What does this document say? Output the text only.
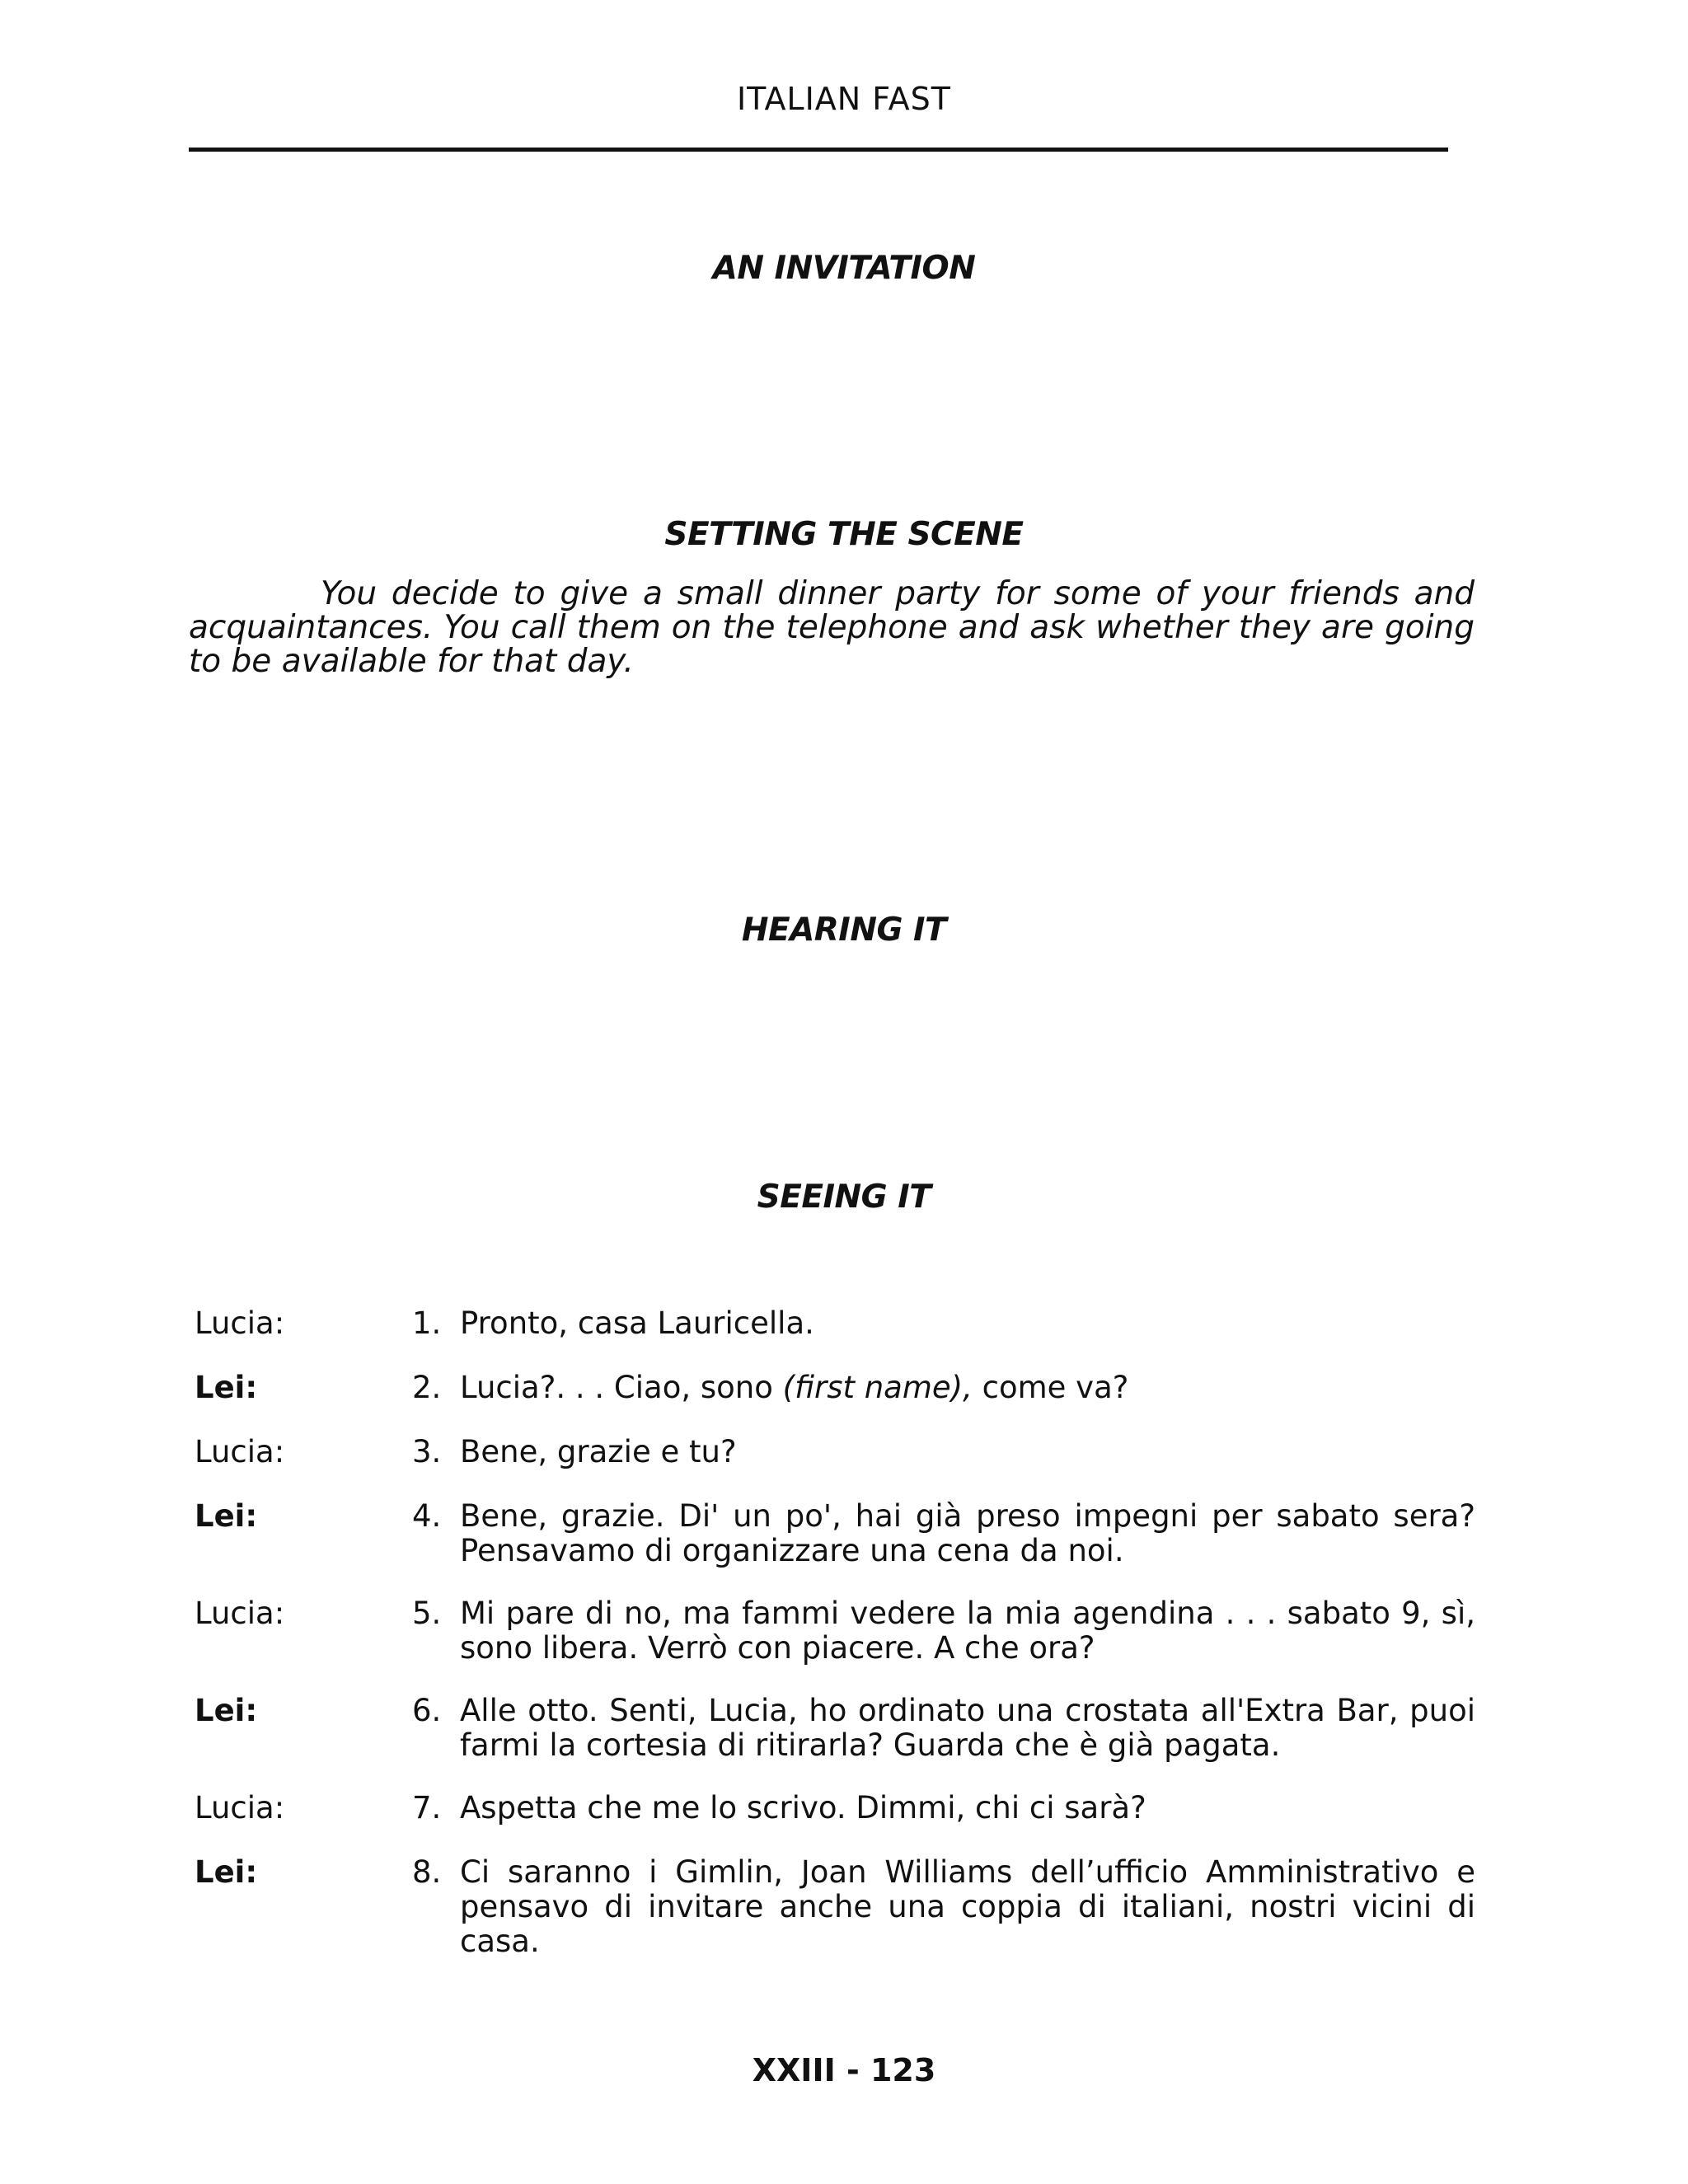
ITALIAN FAST
AN INVITATION
SETTING THE SCENE
You decide to give a small dinner party for some of your friends and acquaintances. You call them on the telephone and ask whether they are going to be available for that day.
HEARING IT
SEEING IT
Lucia:	1. Pronto, casa Lauricella.
Lei:	2. Lucia?. . . Ciao, sono (first name), come va?
Lucia:	3. Bene, grazie e tu?
Lei:	4. Bene, grazie. Di' un po', hai già preso impegni per sabato sera? Pensavamo di organizzare una cena da noi.
Lucia:	5. Mi pare di no, ma fammi vedere la mia agendina . . . sabato 9, sì, sono libera. Verrò con piacere. A che ora?
Lei:	6. Alle otto. Senti, Lucia, ho ordinato una crostata all'Extra Bar, puoi farmi la cortesia di ritirarla? Guarda che è già pagata.
Lucia:	7. Aspetta che me lo scrivo. Dimmi, chi ci sarà?
Lei:	8. Ci saranno i Gimlin, Joan Williams dell’ufficio Amministrativo e pensavo di invitare anche una coppia di italiani, nostri vicini di casa.
XXIII - 123
